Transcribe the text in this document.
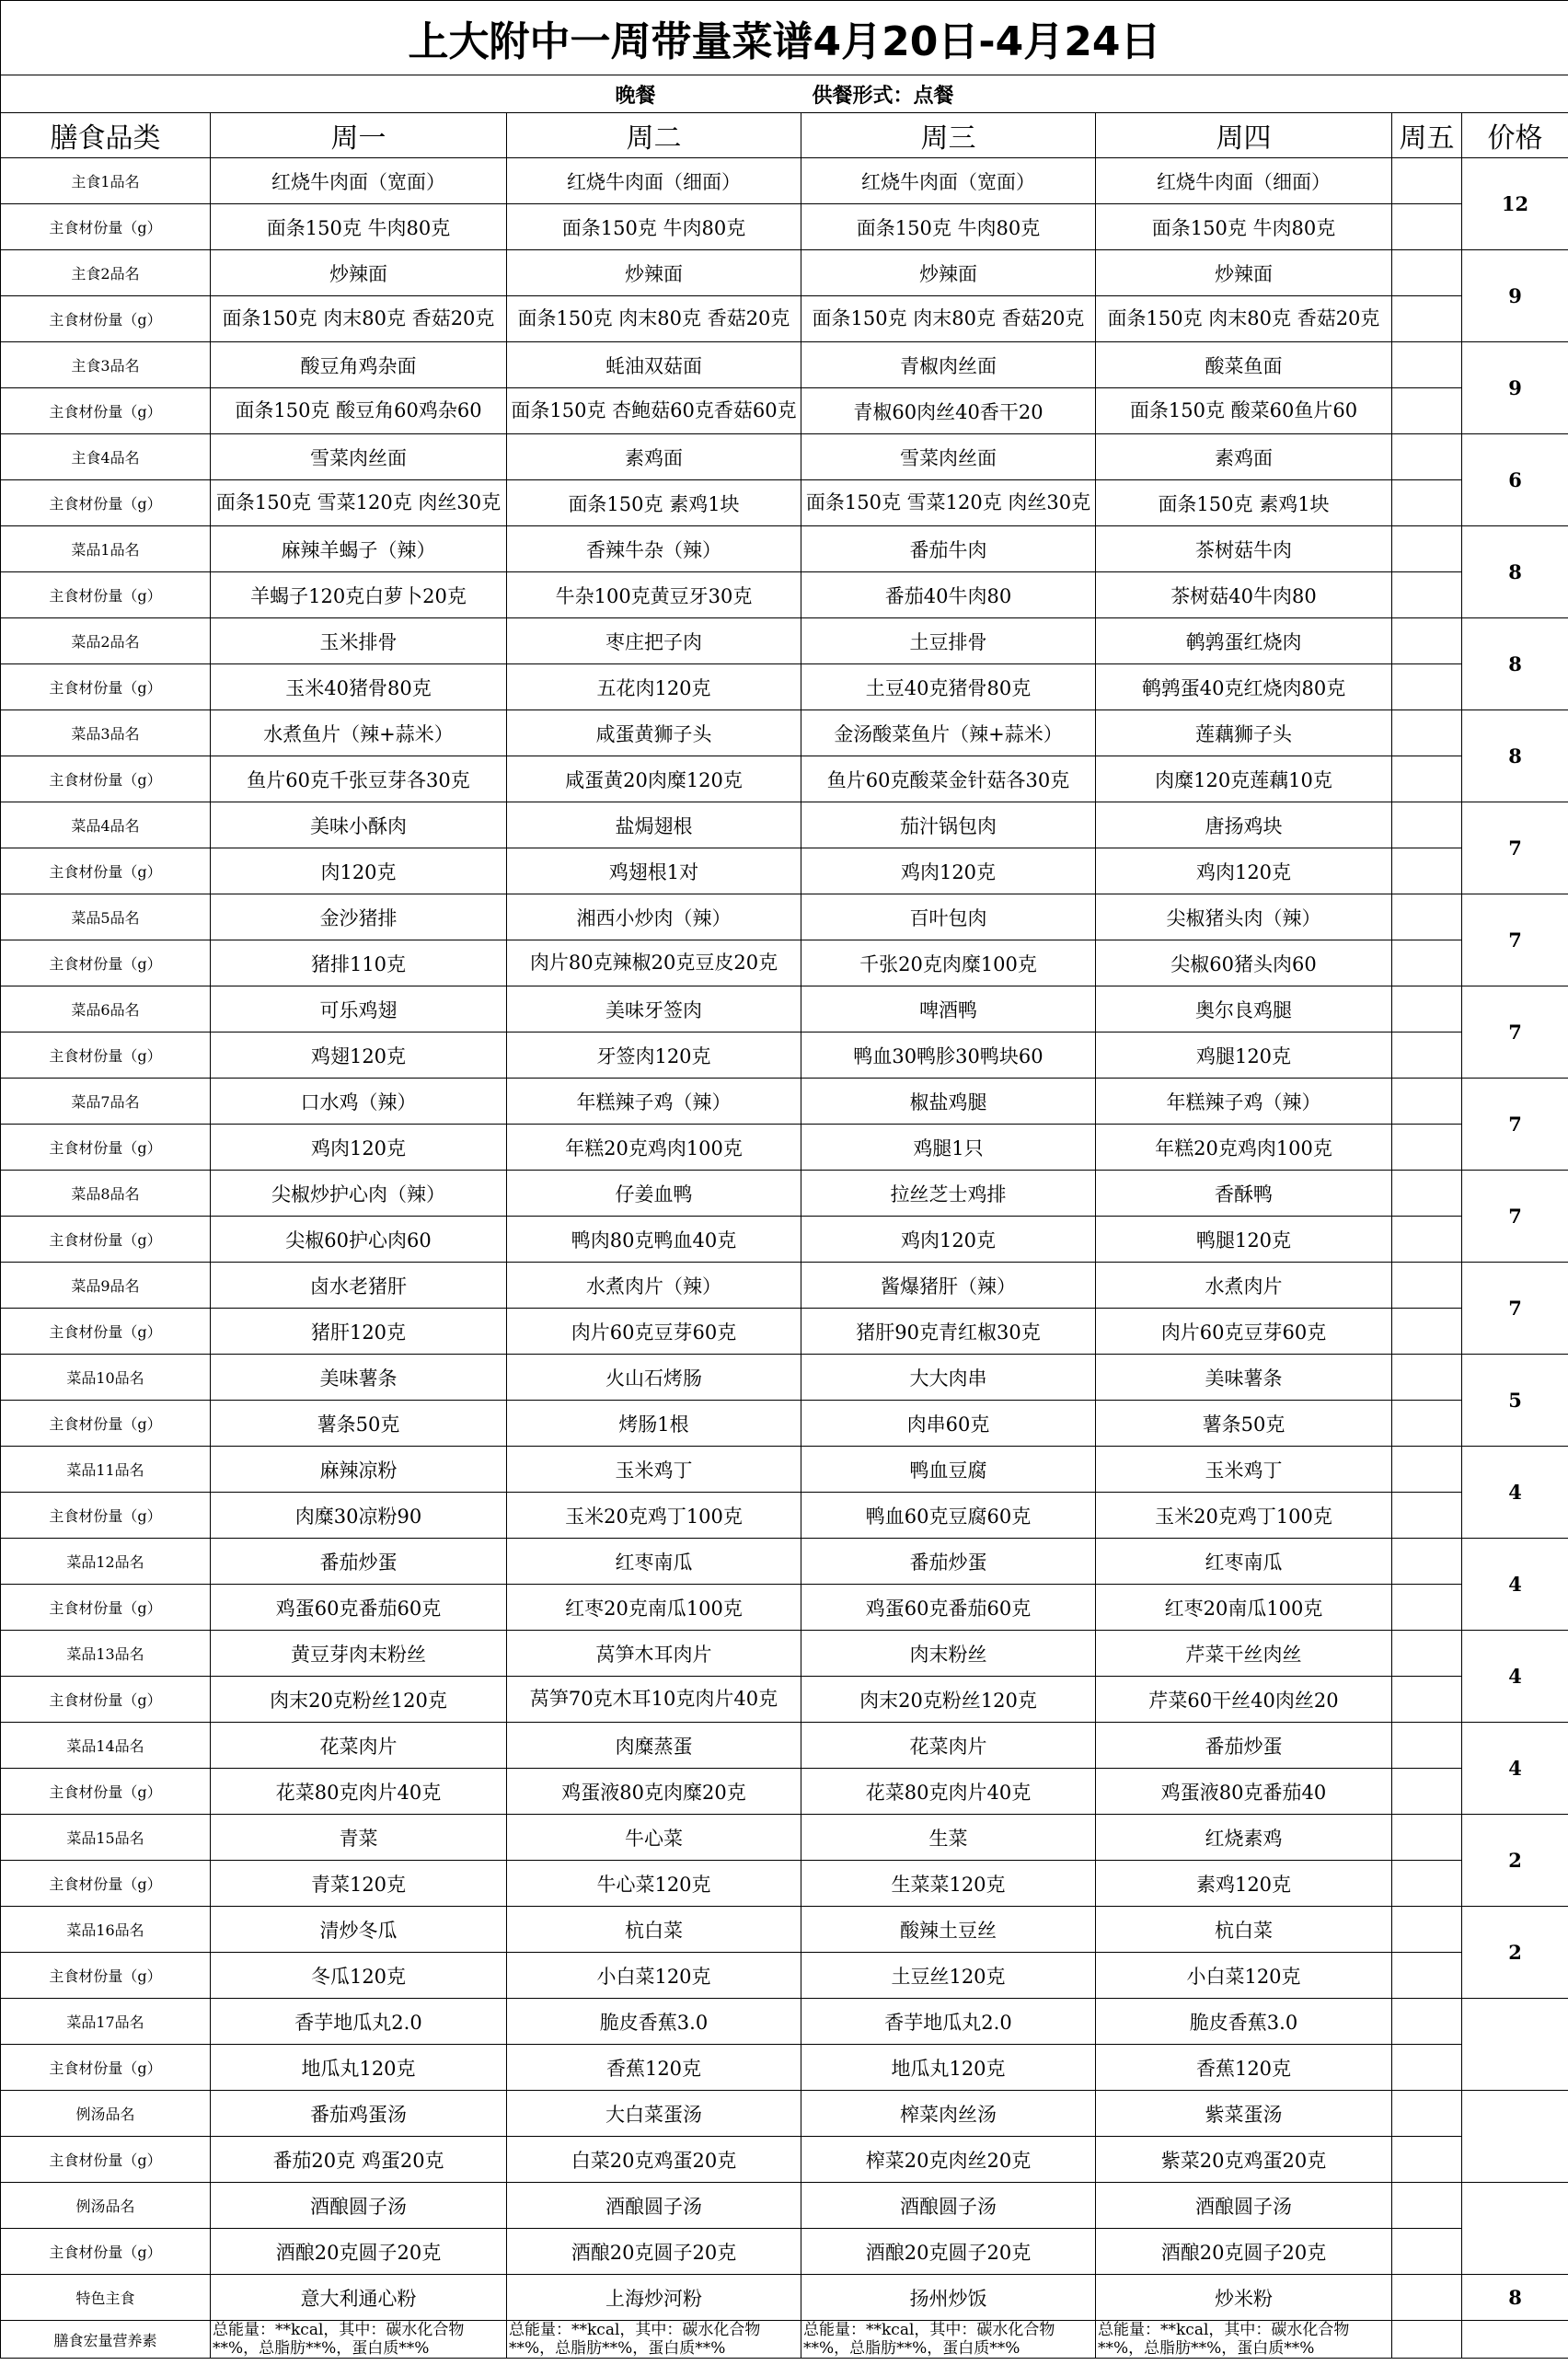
上大附中一周带量菜谱4月20日-4月24日						
晚餐 供餐形式：点餐						
膳食品类	周一	周二	周三	周四	周五	价格
主食1品名	红烧牛肉面（宽面）	红烧牛肉面（细面）	红烧牛肉面（宽面）	红烧牛肉面（细面）		12
主食材份量（g）	面条150克 牛肉80克	面条150克 牛肉80克	面条150克 牛肉80克	面条150克 牛肉80克		
主食2品名	炒辣面	炒辣面	炒辣面	炒辣面		9
主食材份量（g）	面条150克 肉末80克 香菇20克	面条150克 肉末80克 香菇20克	面条150克 肉末80克 香菇20克	面条150克 肉末80克 香菇20克		
主食3品名	酸豆角鸡杂面	蚝油双菇面	青椒肉丝面	酸菜鱼面		9
主食材份量（g）	面条150克 酸豆角60鸡杂60	面条150克 杏鲍菇60克香菇60克	青椒60肉丝40香干20	面条150克 酸菜60鱼片60		
主食4品名	雪菜肉丝面	素鸡面	雪菜肉丝面	素鸡面		6
主食材份量（g）	面条150克 雪菜120克 肉丝30克	面条150克 素鸡1块	面条150克 雪菜120克 肉丝30克	面条150克 素鸡1块		
菜品1品名	麻辣羊蝎子（辣）	香辣牛杂（辣）	番茄牛肉	茶树菇牛肉		8
主食材份量（g）	羊蝎子120克白萝卜20克	牛杂100克黄豆牙30克	番茄40牛肉80	茶树菇40牛肉80		
菜品2品名	玉米排骨	枣庄把子肉	土豆排骨	鹌鹑蛋红烧肉		8
主食材份量（g）	玉米40猪骨80克	五花肉120克	土豆40克猪骨80克	鹌鹑蛋40克红烧肉80克		
菜品3品名	水煮鱼片（辣+蒜米）	咸蛋黄狮子头	金汤酸菜鱼片（辣+蒜米）	莲藕狮子头		8
主食材份量（g）	鱼片60克千张豆芽各30克	咸蛋黄20肉糜120克	鱼片60克酸菜金针菇各30克	肉糜120克莲藕10克		
菜品4品名	美味小酥肉	盐焗翅根	茄汁锅包肉	唐扬鸡块		7
主食材份量（g）	肉120克	鸡翅根1对	鸡肉120克	鸡肉120克		
菜品5品名	金沙猪排	湘西小炒肉（辣）	百叶包肉	尖椒猪头肉（辣）		7
主食材份量（g）	猪排110克	肉片80克辣椒20克豆皮20克	千张20克肉糜100克	尖椒60猪头肉60		
菜品6品名	可乐鸡翅	美味牙签肉	啤酒鸭	奥尔良鸡腿		7
主食材份量（g）	鸡翅120克	牙签肉120克	鸭血30鸭胗30鸭块60	鸡腿120克		
菜品7品名	口水鸡（辣）	年糕辣子鸡（辣）	椒盐鸡腿	年糕辣子鸡（辣）		7
主食材份量（g）	鸡肉120克	年糕20克鸡肉100克	鸡腿1只	年糕20克鸡肉100克		
菜品8品名	尖椒炒护心肉（辣）	仔姜血鸭	拉丝芝士鸡排	香酥鸭		7
主食材份量（g）	尖椒60护心肉60	鸭肉80克鸭血40克	鸡肉120克	鸭腿120克		
菜品9品名	卤水老猪肝	水煮肉片（辣）	酱爆猪肝（辣）	水煮肉片		7
主食材份量（g）	猪肝120克	肉片60克豆芽60克	猪肝90克青红椒30克	肉片60克豆芽60克		
菜品10品名	美味薯条	火山石烤肠	大大肉串	美味薯条		5
主食材份量（g）	薯条50克	烤肠1根	肉串60克	薯条50克		
菜品11品名	麻辣凉粉	玉米鸡丁	鸭血豆腐	玉米鸡丁		4
主食材份量（g）	肉糜30凉粉90	玉米20克鸡丁100克	鸭血60克豆腐60克	玉米20克鸡丁100克		
菜品12品名	番茄炒蛋	红枣南瓜	番茄炒蛋	红枣南瓜		4
主食材份量（g）	鸡蛋60克番茄60克	红枣20克南瓜100克	鸡蛋60克番茄60克	红枣20南瓜100克		
菜品13品名	黄豆芽肉末粉丝	莴笋木耳肉片	肉末粉丝	芹菜干丝肉丝		4
主食材份量（g）	肉末20克粉丝120克	莴笋70克木耳10克肉片40克	肉末20克粉丝120克	芹菜60干丝40肉丝20		
菜品14品名	花菜肉片	肉糜蒸蛋	花菜肉片	番茄炒蛋		4
主食材份量（g）	花菜80克肉片40克	鸡蛋液80克肉糜20克	花菜80克肉片40克	鸡蛋液80克番茄40		
菜品15品名	青菜	牛心菜	生菜	红烧素鸡		2
主食材份量（g）	青菜120克	牛心菜120克	生菜菜120克	素鸡120克		
菜品16品名	清炒冬瓜	杭白菜	酸辣土豆丝	杭白菜		2
主食材份量（g）	冬瓜120克	小白菜120克	土豆丝120克	小白菜120克		
菜品17品名	香芋地瓜丸2.0	脆皮香蕉3.0	香芋地瓜丸2.0	脆皮香蕉3.0		
主食材份量（g）	地瓜丸120克	香蕉120克	地瓜丸120克	香蕉120克		
例汤品名	番茄鸡蛋汤	大白菜蛋汤	榨菜肉丝汤	紫菜蛋汤		
主食材份量（g）	番茄20克 鸡蛋20克	白菜20克鸡蛋20克	榨菜20克肉丝20克	紫菜20克鸡蛋20克		
例汤品名	酒酿圆子汤	酒酿圆子汤	酒酿圆子汤	酒酿圆子汤		
主食材份量（g）	酒酿20克圆子20克	酒酿20克圆子20克	酒酿20克圆子20克	酒酿20克圆子20克		
特色主食	意大利通心粉	上海炒河粉	扬州炒饭	炒米粉		8
膳食宏量营养素	总能量：**kcal，其中：碳水化合物**%，总脂肪**%，蛋白质**%	总能量：**kcal，其中：碳水化合物**%，总脂肪**%，蛋白质**%	总能量：**kcal，其中：碳水化合物**%，总脂肪**%，蛋白质**%	总能量：**kcal，其中：碳水化合物**%，总脂肪**%，蛋白质**%		
